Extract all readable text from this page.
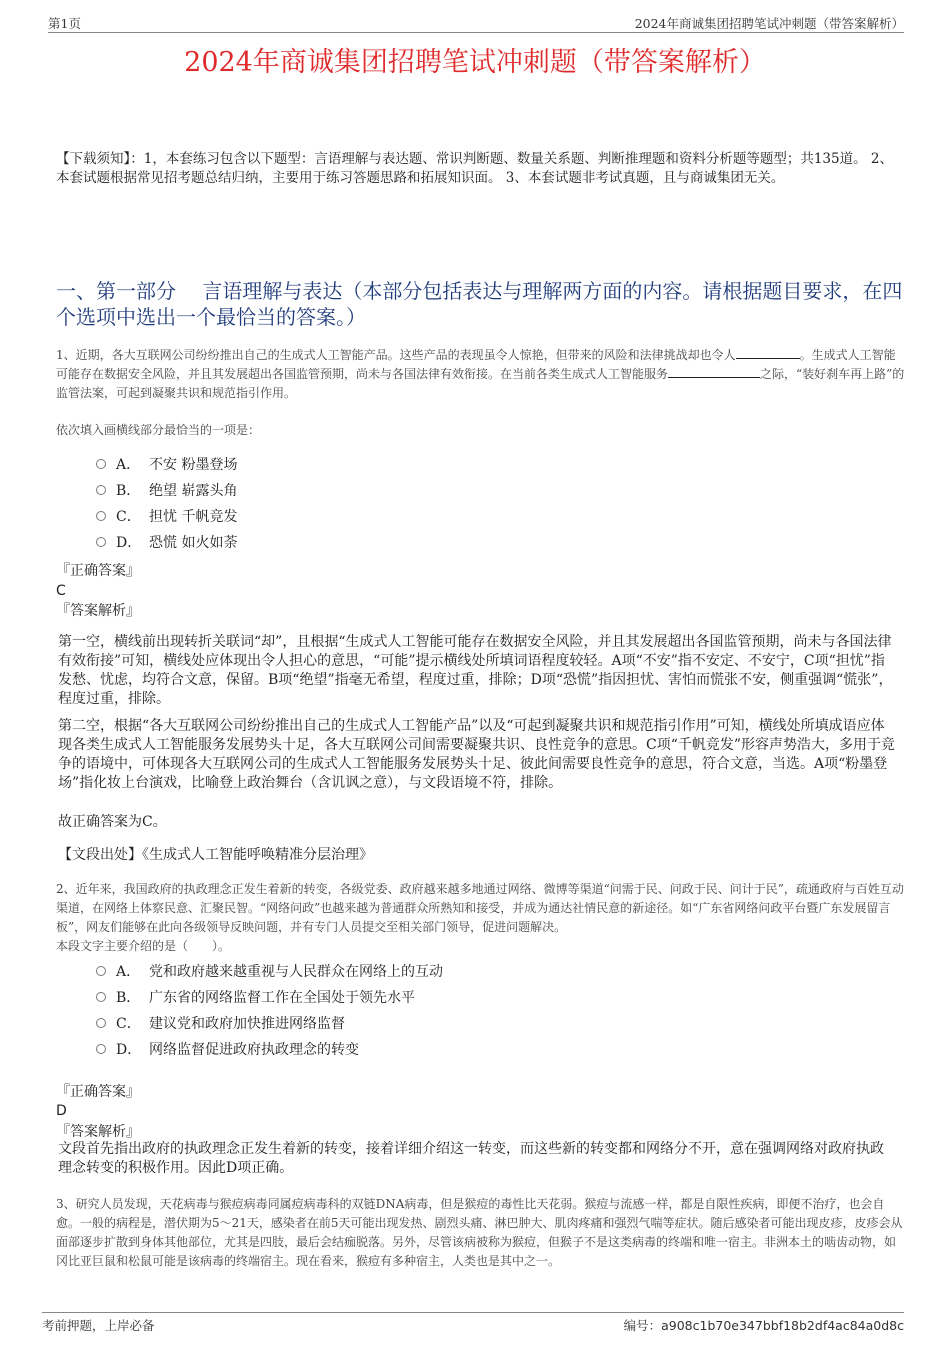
第1页	2024年商诚集团招聘笔试冲刺题（带答案解析）
2024年商诚集团招聘笔试冲刺题（带答案解析）
【下载须知】：1，本套练习包含以下题型：言语理解与表达题、常识判断题、数量关系题、判断推理题和资料分析题等题型；共135道。 2、本套试题根据常见招考题总结归纳，主要用于练习答题思路和拓展知识面。 3、本套试题非考试真题，且与商诚集团无关。
一、第一部分　 言语理解与表达（本部分包括表达与理解两方面的内容。请根据题目要求，在四个选项中选出一个最恰当的答案。）
1、近期，各大互联网公司纷纷推出自己的生成式人工智能产品。这些产品的表现虽令人惊艳，但带来的风险和法律挑战却也令人	。生成式人工智能可能存在数据安全风险，并且其发展超出各国监管预期，尚未与各国法律有效衔接。在当前各类生成式人工智能服务	之际，“装好刹车再上路”的监管法案，可起到凝聚共识和规范指引作用。
依次填入画横线部分最恰当的一项是：
A． 不安 粉墨登场
B． 绝望 崭露头角
C． 担忧 千帆竞发
D． 恐慌 如火如荼
『正确答案』
C
『答案解析』
第一空，横线前出现转折关联词“却”，且根据“生成式人工智能可能存在数据安全风险，并且其发展超出各国监管预期，尚未与各国法律有效衔接”可知，横线处应体现出令人担心的意思，“可能”提示横线处所填词语程度较轻。A项“不安”指不安定、不安宁，C项“担忧”指发愁、忧虑，均符合文意，保留。B项“绝望”指毫无希望，程度过重，排除；D项“恐慌”指因担忧、害怕而慌张不安，侧重强调“慌张”，程度过重，排除。
第二空，根据“各大互联网公司纷纷推出自己的生成式人工智能产品”以及“可起到凝聚共识和规范指引作用”可知，横线处所填成语应体现各类生成式人工智能服务发展势头十足，各大互联网公司间需要凝聚共识、良性竞争的意思。C项“千帆竞发”形容声势浩大，多用于竞争的语境中，可体现各大互联网公司的生成式人工智能服务发展势头十足、彼此间需要良性竞争的意思，符合文意，当选。A项“粉墨登场”指化妆上台演戏，比喻登上政治舞台（含讥讽之意），与文段语境不符，排除。
故正确答案为C。
【文段出处】《生成式人工智能呼唤精准分层治理》
2、近年来，我国政府的执政理念正发生着新的转变，各级党委、政府越来越多地通过网络、微博等渠道“问需于民、问政于民、问计于民”，疏通政府与百姓互动渠道，在网络上体察民意、汇聚民智。“网络问政”也越来越为普通群众所熟知和接受，并成为通达社情民意的新途径。如“广东省网络问政平台暨广东发展留言板”，网友们能够在此向各级领导反映问题，并有专门人员提交至相关部门领导，促进问题解决。
本段文字主要介绍的是（　　）。
A． 党和政府越来越重视与人民群众在网络上的互动
B． 广东省的网络监督工作在全国处于领先水平
C． 建议党和政府加快推进网络监督
D． 网络监督促进政府执政理念的转变
『正确答案』
D
『答案解析』
文段首先指出政府的执政理念正发生着新的转变，接着详细介绍这一转变，而这些新的转变都和网络分不开，意在强调网络对政府执政理念转变的积极作用。因此D项正确。
3、研究人员发现，天花病毒与猴痘病毒同属痘病毒科的双链DNA病毒，但是猴痘的毒性比天花弱。猴痘与流感一样，都是自限性疾病，即便不治疗，也会自愈。一般的病程是，潜伏期为5～21天，感染者在前5天可能出现发热、剧烈头痛、淋巴肿大、肌肉疼痛和强烈气喘等症状。随后感染者可能出现皮疹，皮疹会从面部逐步扩散到身体其他部位，尤其是四肢，最后会结痂脱落。另外，尽管该病被称为猴痘，但猴子不是这类病毒的终端和唯一宿主。非洲本土的啮齿动物，如冈比亚巨鼠和松鼠可能是该病毒的终端宿主。现在看来，猴痘有多种宿主，人类也是其中之一。
考前押题，上岸必备	编号：a908c1b70e347bbf18b2df4ac84a0d8c
